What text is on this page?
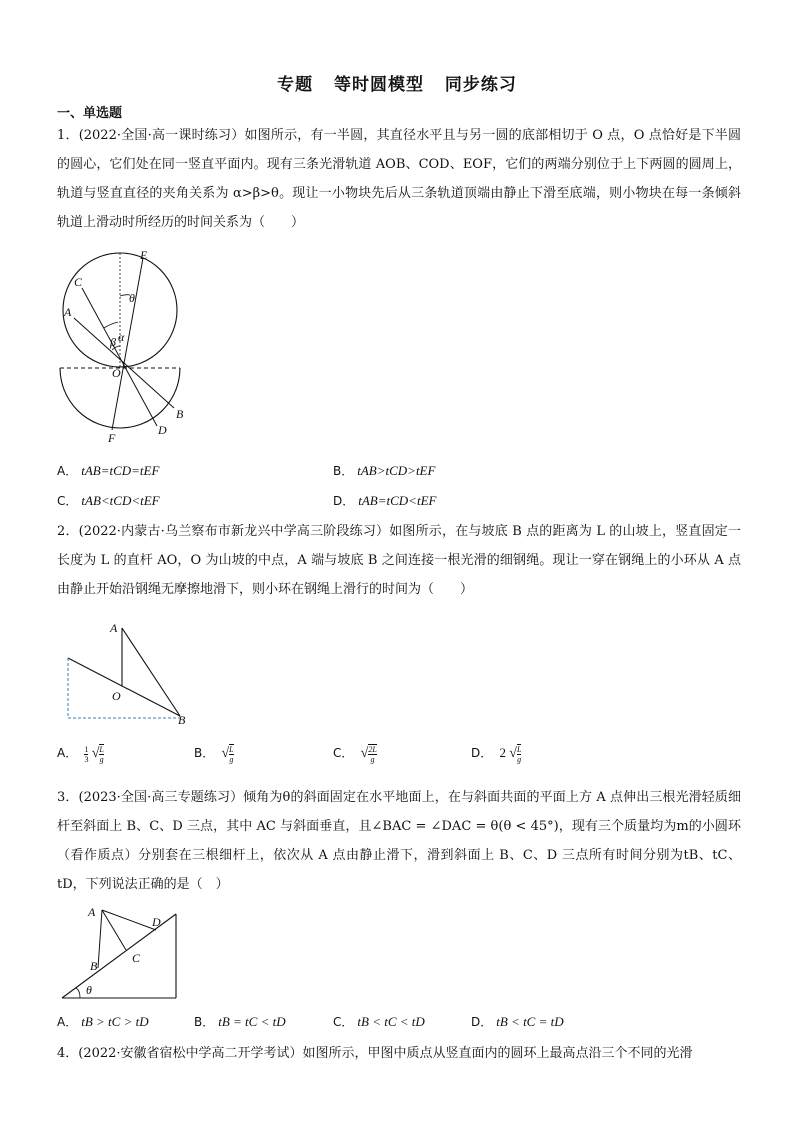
专题 等时圆模型 同步练习
一、单选题
1．(2022·全国·高一课时练习）如图所示，有一半圆，其直径水平且与另一圆的底部相切于 O 点，O 点恰好是下半圆的圆心，它们处在同一竖直平面内。现有三条光滑轨道 AOB、COD、EOF，它们的两端分别位于上下两圆的圆周上，轨道与竖直直径的夹角关系为 α>β>θ。现让一小物块先后从三条轨道顶端由静止下滑至底端，则小物块在每一条倾斜轨道上滑动时所经历的时间关系为（　　）
E
C
A
θ
β α
O
B
D
F
A． tAB=tCD=tEF	B． tAB>tCD>tEF
C． tAB<tCD<tEF	D． tAB=tCD<tEF
2．(2022·内蒙古·乌兰察布市新龙兴中学高三阶段练习）如图所示，在与坡底 B 点的距离为 L 的山坡上，竖直固定一长度为 L 的直杆 AO，O 为山坡的中点，A 端与坡底 B 之间连接一根光滑的细钢绳。现让一穿在钢绳上的小环从 A 点由静止开始沿钢绳无摩擦地滑下，则小环在钢绳上滑行的时间为（　　）
A
O
B
A． $\frac{1}{3}$ √ $\frac{L}{g}$	B． √ $\frac{L}{g}$	C． √ $\frac{2L}{g}$	D． 2 √ $\frac{L}{g}$
3．(2023·全国·高三专题练习）倾角为θ的斜面固定在水平地面上，在与斜面共面的平面上方 A 点伸出三根光滑轻质细杆至斜面上 B、C、D 三点，其中 AC 与斜面垂直，且∠BAC = ∠DAC = θ(θ < 45°)，现有三个质量均为m的小圆环（看作质点）分别套在三根细杆上，依次从 A 点由静止滑下，滑到斜面上 B、C、D 三点所有时间分别为tB、tC、tD，下列说法正确的是（　）
A
D
C
B
θ
A． tB > tC > tD	B． tB = tC < tD	C． tB < tC < tD	D． tB < tC = tD
4．(2022·安徽省宿松中学高二开学考试）如图所示，甲图中质点从竖直面内的圆环上最高点沿三个不同的光滑
